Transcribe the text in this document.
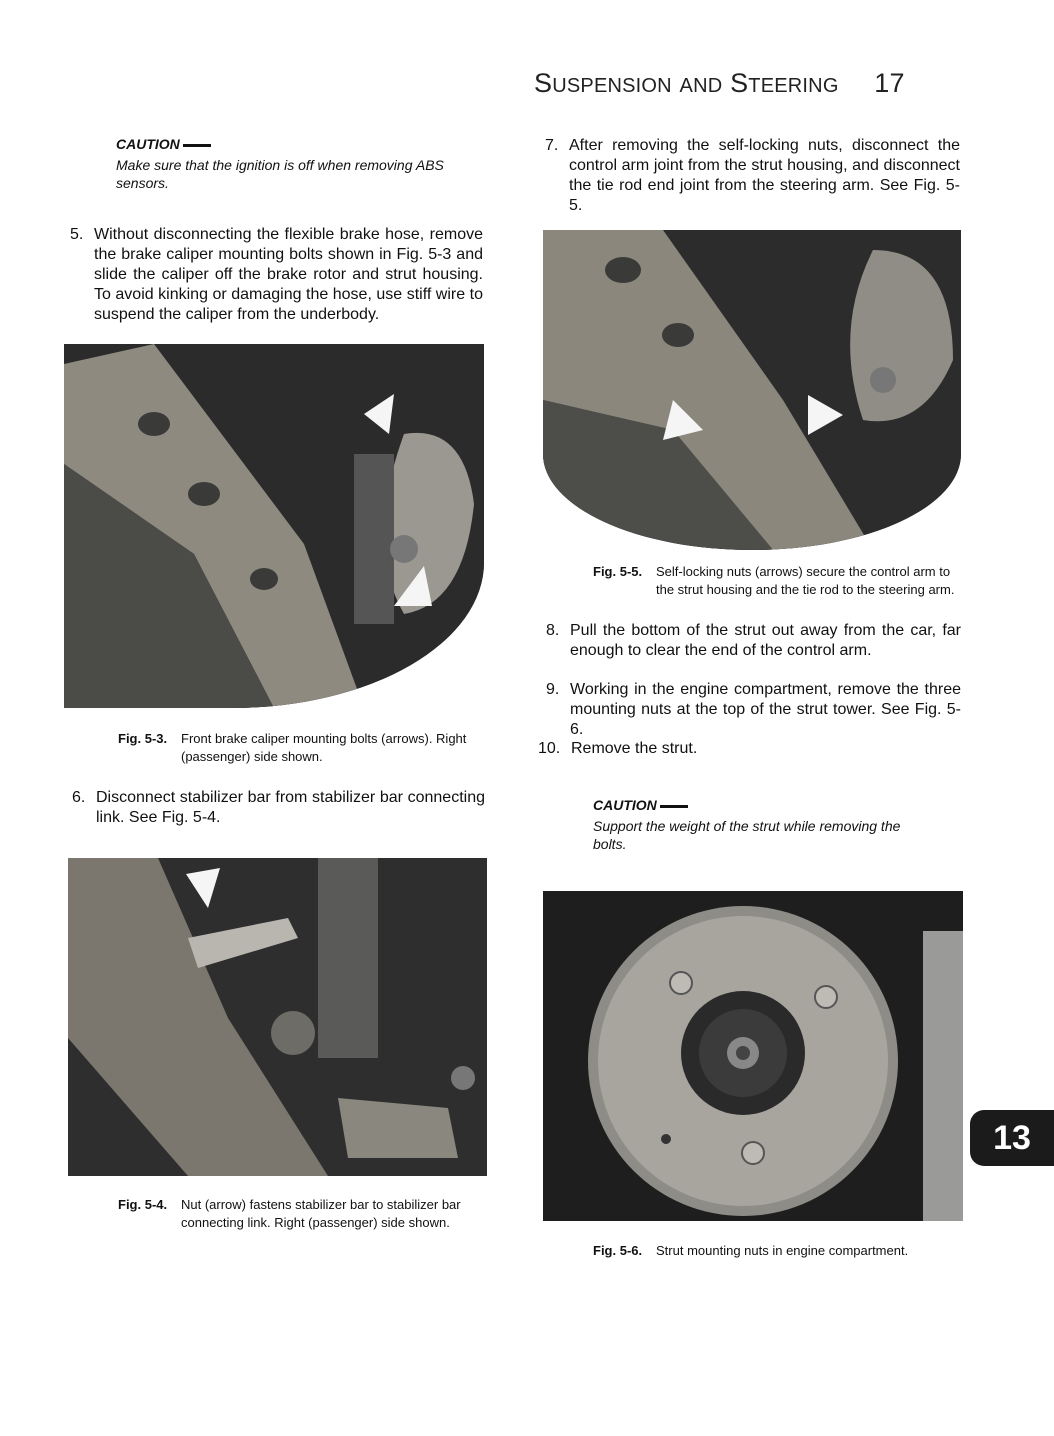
SUSPENSION AND STEERING 17
CAUTION
Make sure that the ignition is off when removing ABS sensors.
5. Without disconnecting the flexible brake hose, remove the brake caliper mounting bolts shown in Fig. 5-3 and slide the caliper off the brake rotor and strut housing. To avoid kinking or damaging the hose, use stiff wire to suspend the caliper from the underbody.
Fig. 5-3. Front brake caliper mounting bolts (arrows). Right (passenger) side shown.
6. Disconnect stabilizer bar from stabilizer bar connecting link. See Fig. 5-4.
Fig. 5-4. Nut (arrow) fastens stabilizer bar to stabilizer bar connecting link. Right (passenger) side shown.
7. After removing the self-locking nuts, disconnect the control arm joint from the strut housing, and disconnect the tie rod end joint from the steering arm. See Fig. 5-5.
Fig. 5-5. Self-locking nuts (arrows) secure the control arm to the strut housing and the tie rod to the steering arm.
8. Pull the bottom of the strut out away from the car, far enough to clear the end of the control arm.
9. Working in the engine compartment, remove the three mounting nuts at the top of the strut tower. See Fig. 5-6.
10. Remove the strut.
CAUTION
Support the weight of the strut while removing the bolts.
Fig. 5-6. Strut mounting nuts in engine compartment.
13
